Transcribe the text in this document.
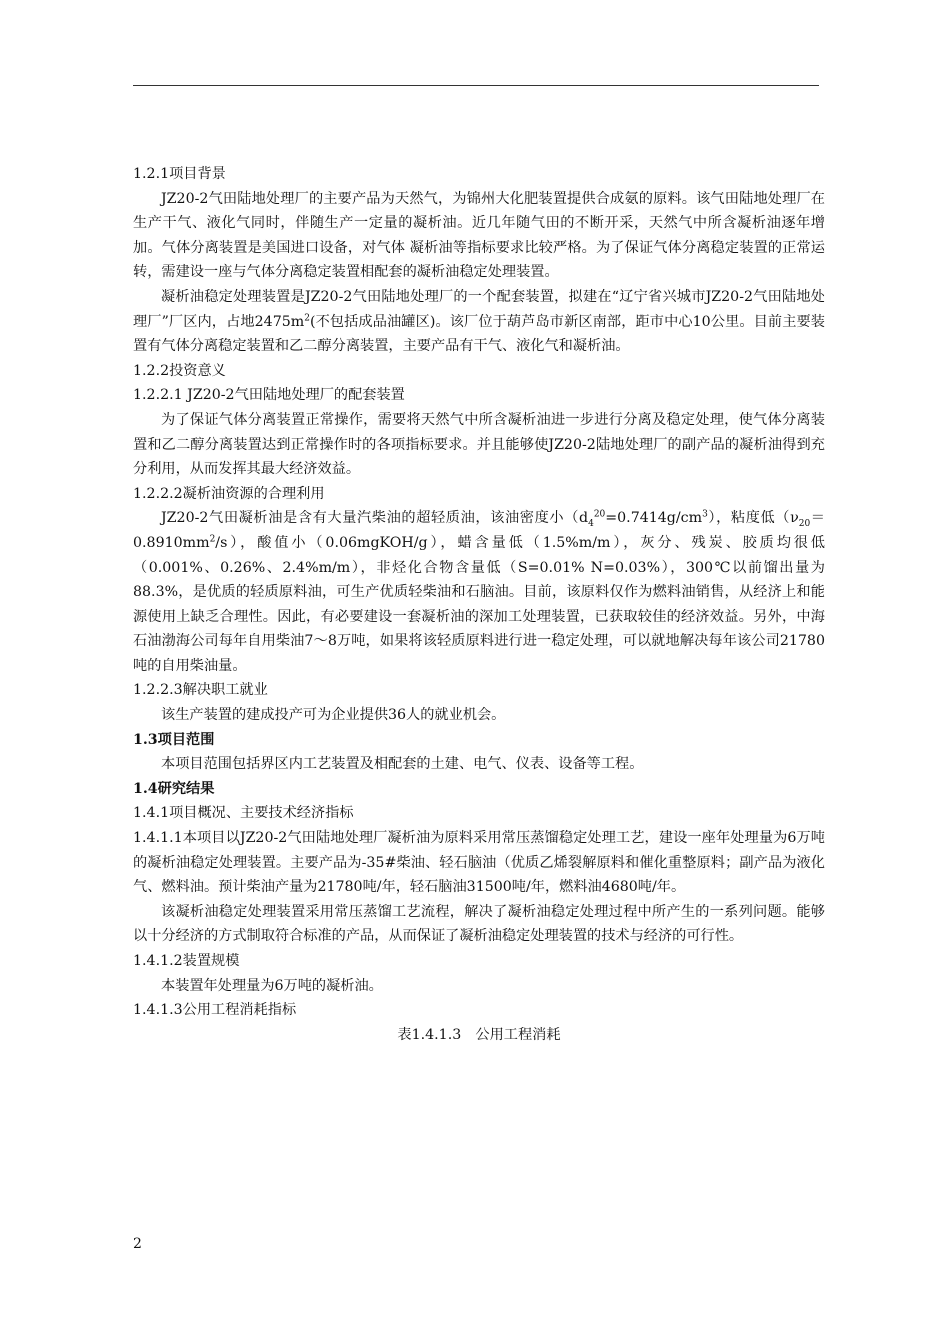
1.2.1项目背景

JZ20-2气田陆地处理厂的主要产品为天然气，为锦州大化肥装置提供合成氨的原料。该气田陆地处理厂在生产干气、液化气同时，伴随生产一定量的凝析油。近几年随气田的不断开采，天然气中所含凝析油逐年增加。气体分离装置是美国进口设备，对气体 凝析油等指标要求比较严格。为了保证气体分离稳定装置的正常运转，需建设一座与气体分离稳定装置相配套的凝析油稳定处理装置。

凝析油稳定处理装置是JZ20-2气田陆地处理厂的一个配套装置，拟建在“辽宁省兴城市JZ20-2气田陆地处理厂”厂区内，占地$2475m^2$(不包括成品油罐区)。该厂位于葫芦岛市新区南部，距市中心10公里。目前主要装置有气体分离稳定装置和乙二醇分离装置，主要产品有干气、液化气和凝析油。

1.2.2投资意义

1.2.2.1 JZ20-2气田陆地处理厂的配套装置

为了保证气体分离装置正常操作，需要将天然气中所含凝析油进一步进行分离及稳定处理，使气体分离装置和乙二醇分离装置达到正常操作时的各项指标要求。并且能够使JZ20-2陆地处理厂的副产品的凝析油得到充分利用，从而发挥其最大经济效益。

1.2.2.2凝析油资源的合理利用

JZ20-2气田凝析油是含有大量汽柴油的超轻质油，该油密度小$(d_4^{20}=0.7414g/cm^3)$，粘度低$(\nu_{20}=0.8910mm^2/s)$，酸值小（0.06mgKOH/g），蜡含量低（1.5%m/m），灰分、残炭、胶质均很低（0.001%、0.26%、2.4%m/m），非烃化合物含量低（S=0.01% N=0.03%），300℃以前馏出量为88.3%，是优质的轻质原料油，可生产优质轻柴油和石脑油。目前，该原料仅作为燃料油销售，从经济上和能源使用上缺乏合理性。因此，有必要建设一套凝析油的深加工处理装置，已获取较佳的经济效益。另外，中海石油渤海公司每年自用柴油7～8万吨，如果将该轻质原料进行进一稳定处理，可以就地解决每年该公司21780吨的自用柴油量。

1.2.2.3解决职工就业

该生产装置的建成投产可为企业提供36人的就业机会。

1.3项目范围

本项目范围包括界区内工艺装置及相配套的土建、电气、仪表、设备等工程。

1.4研究结果

1.4.1项目概况、主要技术经济指标

1.4.1.1本项目以JZ20-2气田陆地处理厂凝析油为原料采用常压蒸馏稳定处理工艺，建设一座年处理量为6万吨的凝析油稳定处理装置。主要产品为-35#柴油、轻石脑油（优质乙烯裂解原料和催化重整原料；副产品为液化气、燃料油。预计柴油产量为21780吨/年，轻石脑油31500吨/年，燃料油4680吨/年。

该凝析油稳定处理装置采用常压蒸馏工艺流程，解决了凝析油稳定处理过程中所产生的一系列问题。能够以十分经济的方式制取符合标准的产品，从而保证了凝析油稳定处理装置的技术与经济的可行性。

1.4.1.2装置规模

本装置年处理量为6万吨的凝析油。

1.4.1.3公用工程消耗指标

表1.4.1.3　公用工程消耗

2
